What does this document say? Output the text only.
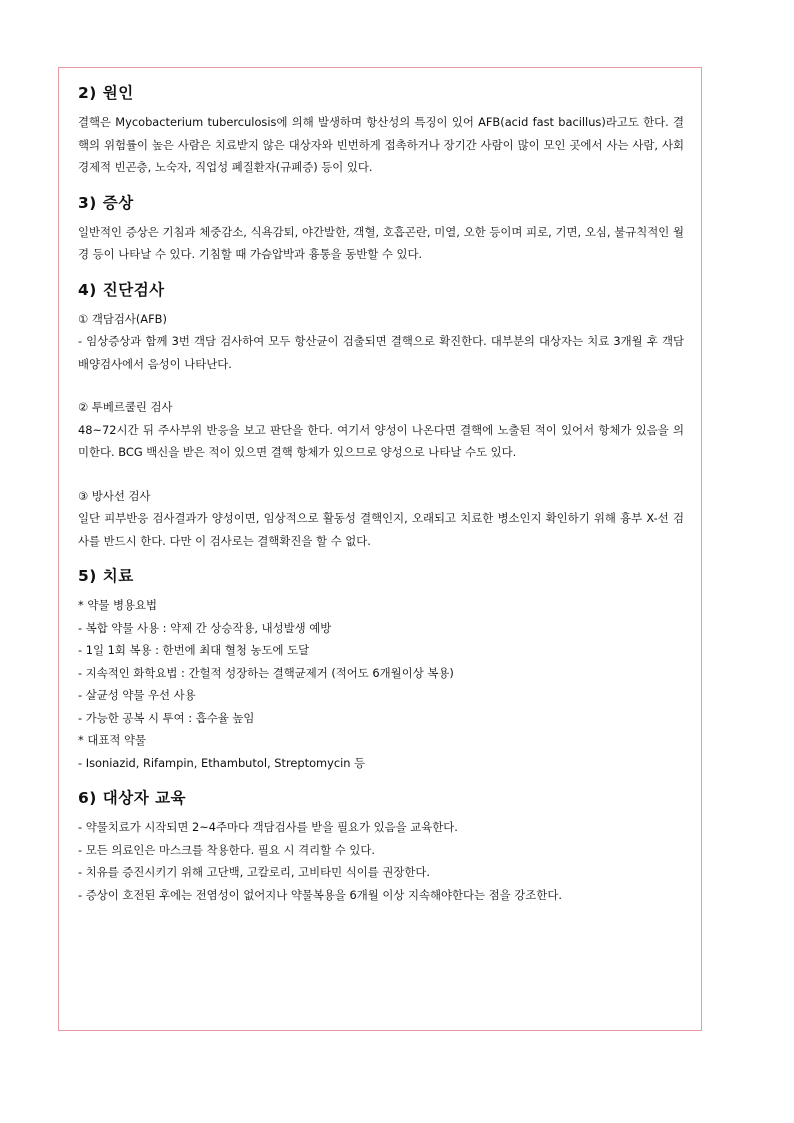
2) 원인

결핵은 Mycobacterium tuberculosis에 의해 발생하며 항산성의 특징이 있어 AFB(acid fast bacillus)라고도 한다. 결핵의 위험률이 높은 사람은 치료받지 않은 대상자와 빈번하게 접촉하거나 장기간 사람이 많이 모인 곳에서 사는 사람, 사회경제적 빈곤층, 노숙자, 직업성 폐질환자(규폐증) 등이 있다.

3) 증상

일반적인 증상은 기침과 체중감소, 식욕감퇴, 야간발한, 객혈, 호흡곤란, 미열, 오한 등이며 피로, 기면, 오심, 불규칙적인 월경 등이 나타날 수 있다. 기침할 때 가슴압박과 흉통을 동반할 수 있다.

4) 진단검사

① 객담검사(AFB)

- 임상증상과 함께 3번 객담 검사하여 모두 항산균이 검출되면 결핵으로 확진한다. 대부분의 대상자는 치료 3개월 후 객담배양검사에서 음성이 나타난다.

② 투베르쿨린 검사

48~72시간 뒤 주사부위 반응을 보고 판단을 한다. 여기서 양성이 나온다면 결핵에 노출된 적이 있어서 항체가 있음을 의미한다. BCG 백신을 받은 적이 있으면 결핵 항체가 있으므로 양성으로 나타날 수도 있다.

③ 방사선 검사

일단 피부반응 검사결과가 양성이면, 임상적으로 활동성 결핵인지, 오래되고 치료한 병소인지 확인하기 위해 흉부 X-선 검사를 반드시 한다. 다만 이 검사로는 결핵확진을 할 수 없다.

5) 치료

* 약물 병용요법

- 복합 약물 사용 : 약제 간 상승작용, 내성발생 예방

- 1일 1회 복용 : 한번에 최대 혈청 농도에 도달

- 지속적인 화학요법 : 간헐적 성장하는 결핵균제거 (적어도 6개월이상 복용)

- 살균성 약물 우선 사용

- 가능한 공복 시 투여 : 흡수율 높임

* 대표적 약물

- Isoniazid, Rifampin, Ethambutol, Streptomycin 등

6) 대상자 교육

- 약물치료가 시작되면 2~4주마다 객담검사를 받을 필요가 있음을 교육한다.

- 모든 의료인은 마스크를 착용한다. 필요 시 격리할 수 있다.

- 치유를 증진시키기 위해 고단백, 고칼로리, 고비타민 식이를 권장한다.

- 증상이 호전된 후에는 전염성이 없어지나 약물복용을 6개월 이상 지속해야한다는 점을 강조한다.
